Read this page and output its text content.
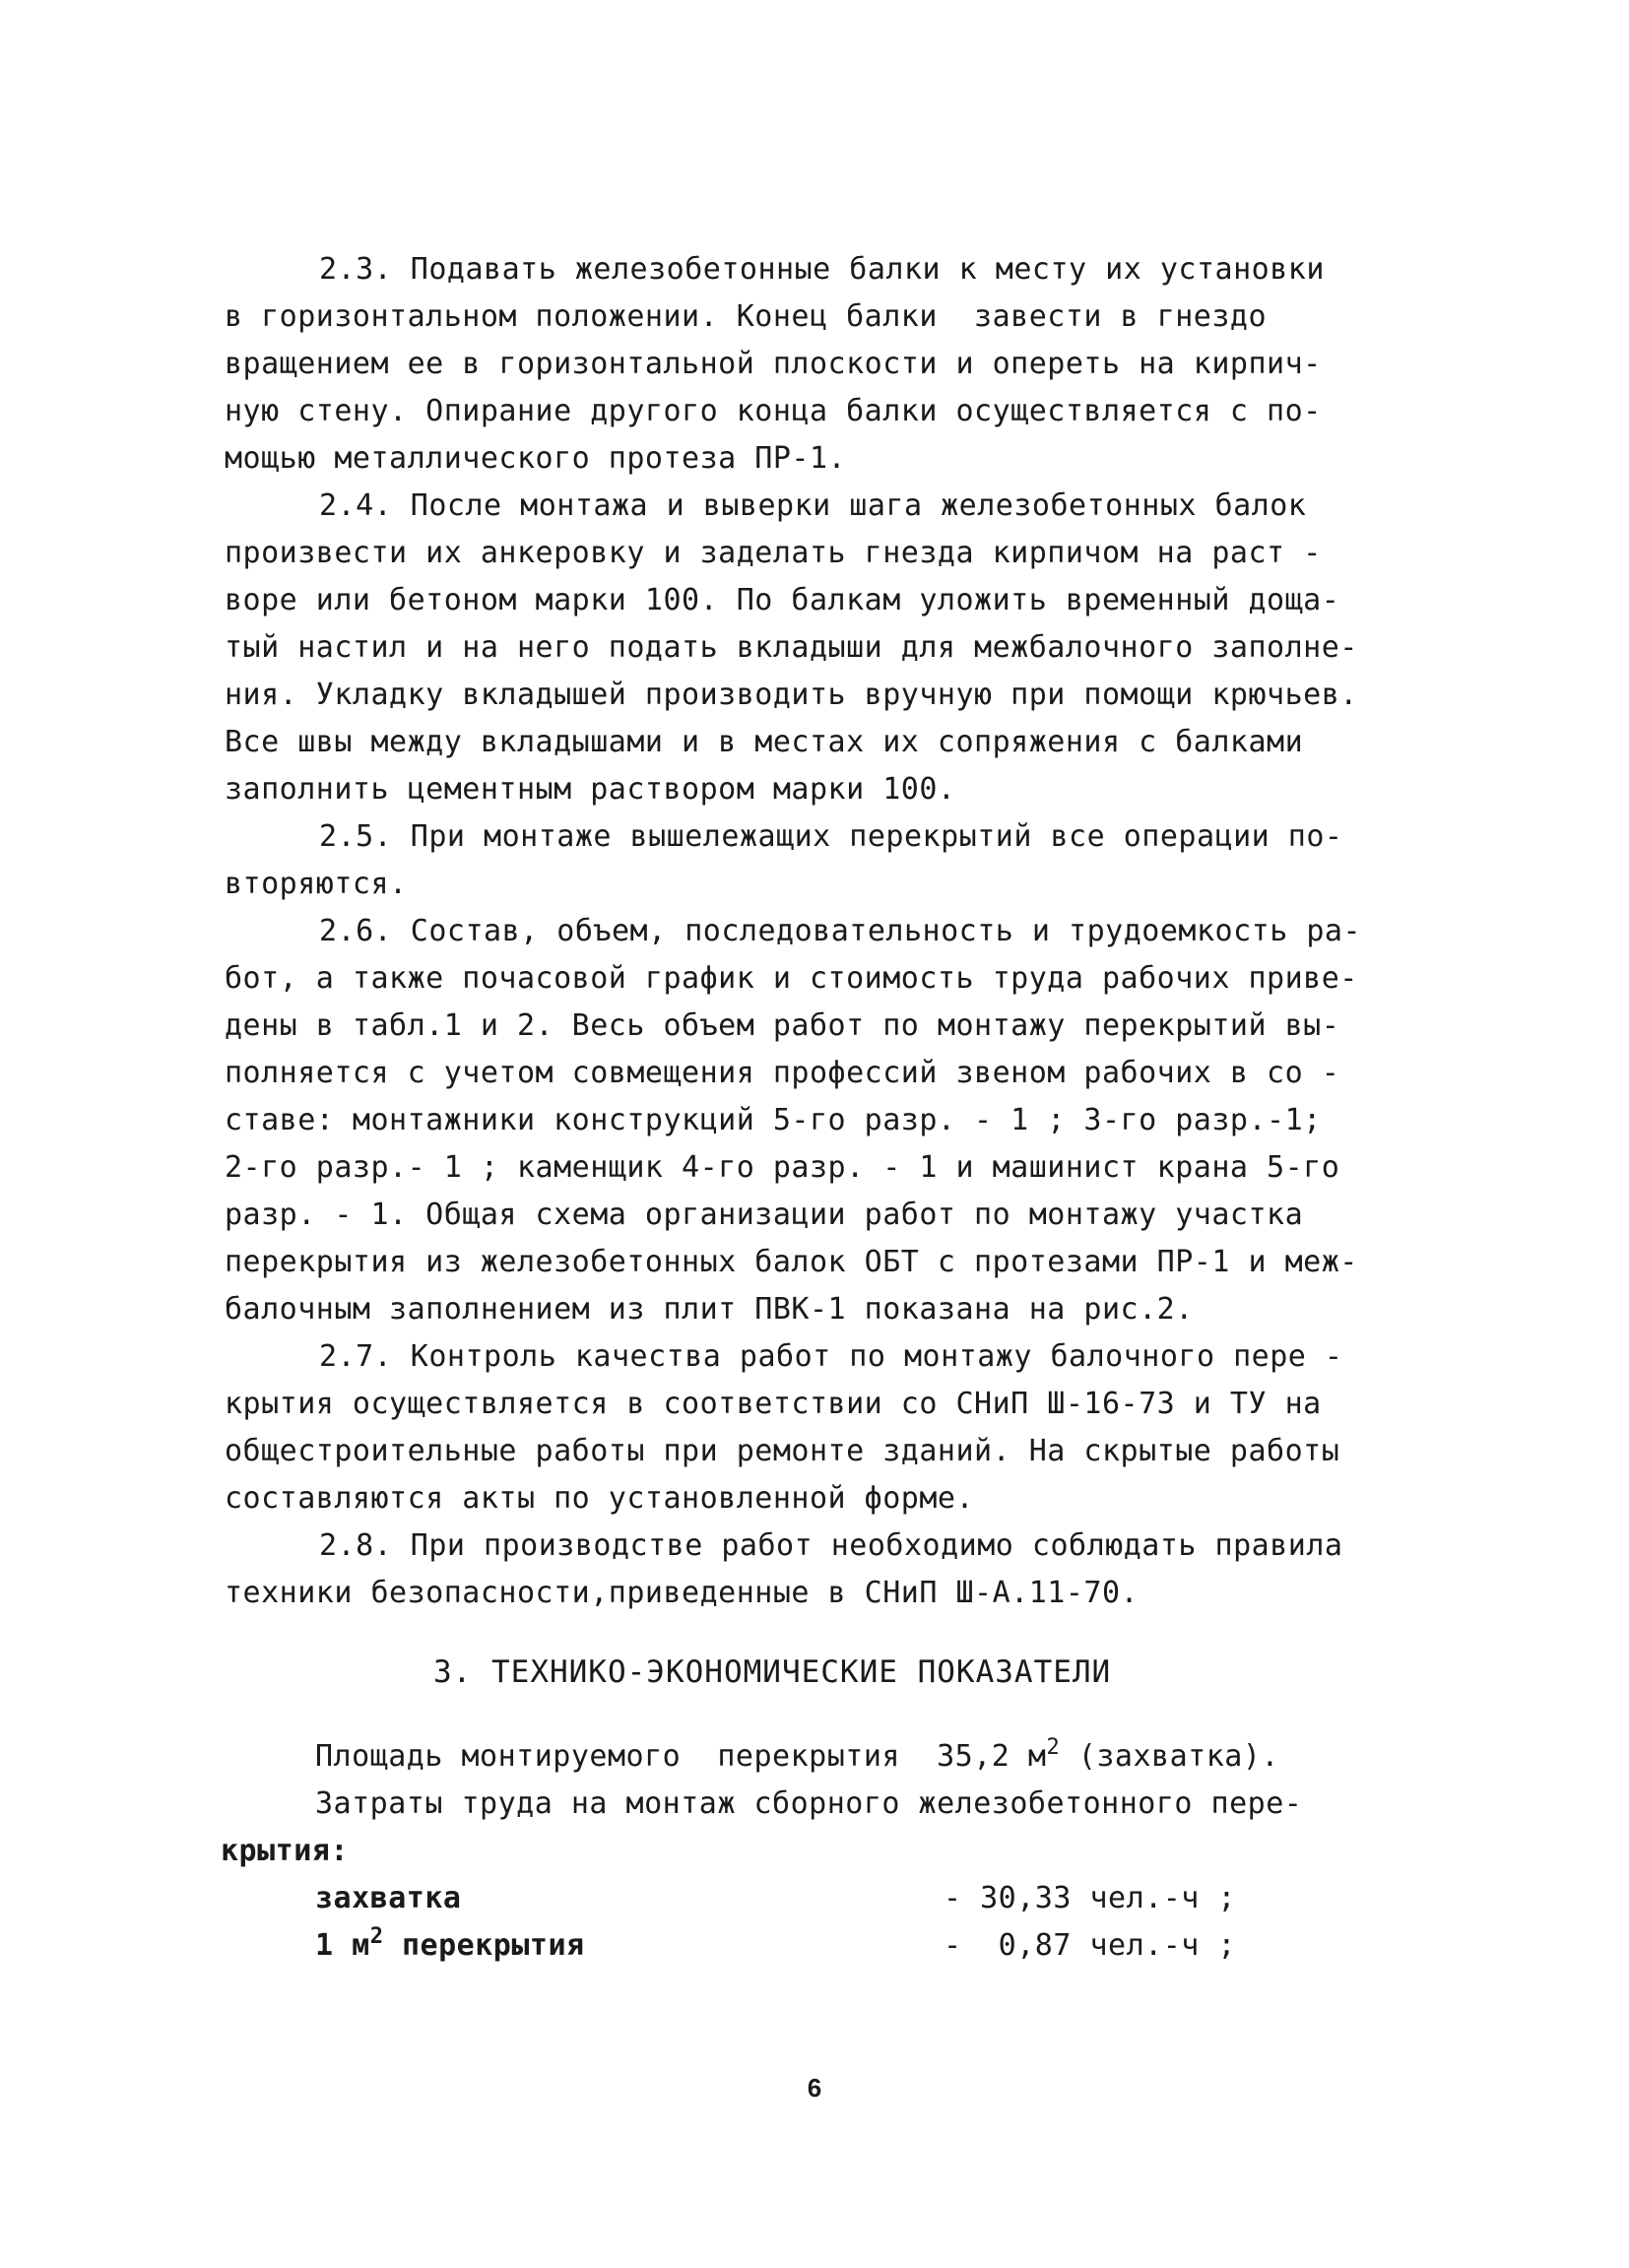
2.3. Подавать железобетонные балки к месту их установки
в горизонтальном положении. Конец балки  завести в гнездо
вращением ее в горизонтальной плоскости и опереть на кирпич-
ную стену. Опирание другого конца балки осуществляется с по-
мощью металлического протеза ПР-1.
2.4. После монтажа и выверки шага железобетонных балок
произвести их анкеровку и заделать гнезда кирпичом на раст -
воре или бетоном марки 100. По балкам уложить временный доща-
тый настил и на него подать вкладыши для межбалочного заполне-
ния. Укладку вкладышей производить вручную при помощи крючьев.
Все швы между вкладышами и в местах их сопряжения с балками
заполнить цементным раствором марки 100.
2.5. При монтаже вышележащих перекрытий все операции по-
вторяются.
2.6. Состав, объем, последовательность и трудоемкость ра-
бот, а также почасовой график и стоимость труда рабочих приве-
дены в табл.1 и 2. Весь объем работ по монтажу перекрытий вы-
полняется с учетом совмещения профессий звеном рабочих в со -
ставе: монтажники конструкций 5-го разр. - 1 ; 3-го разр.-1;
2-го разр.- 1 ; каменщик 4-го разр. - 1 и машинист крана 5-го
разр. - 1. Общая схема организации работ по монтажу участка
перекрытия из железобетонных балок ОБТ с протезами ПР-1 и меж-
балочным заполнением из плит ПВК-1 показана на рис.2.
2.7. Контроль качества работ по монтажу балочного пере -
крытия осуществляется в соответствии со СНиП Ш-16-73 и ТУ на
общестроительные работы при ремонте зданий. На скрытые работы
составляются акты по установленной форме.
2.8. При производстве работ необходимо соблюдать правила
техники безопасности,приведенные в СНиП Ш-А.11-70.
3. ТЕХНИКО-ЭКОНОМИЧЕСКИЕ ПОКАЗАТЕЛИ
Площадь монтируемого  перекрытия  35,2 $м^2$ (захватка).
Затраты труда на монтаж сборного железобетонного пере-
крытия:
захватка	- 30,33 чел.-ч ;
1 $м^2$ перекрытия	-  0,87 чел.-ч ;
6
